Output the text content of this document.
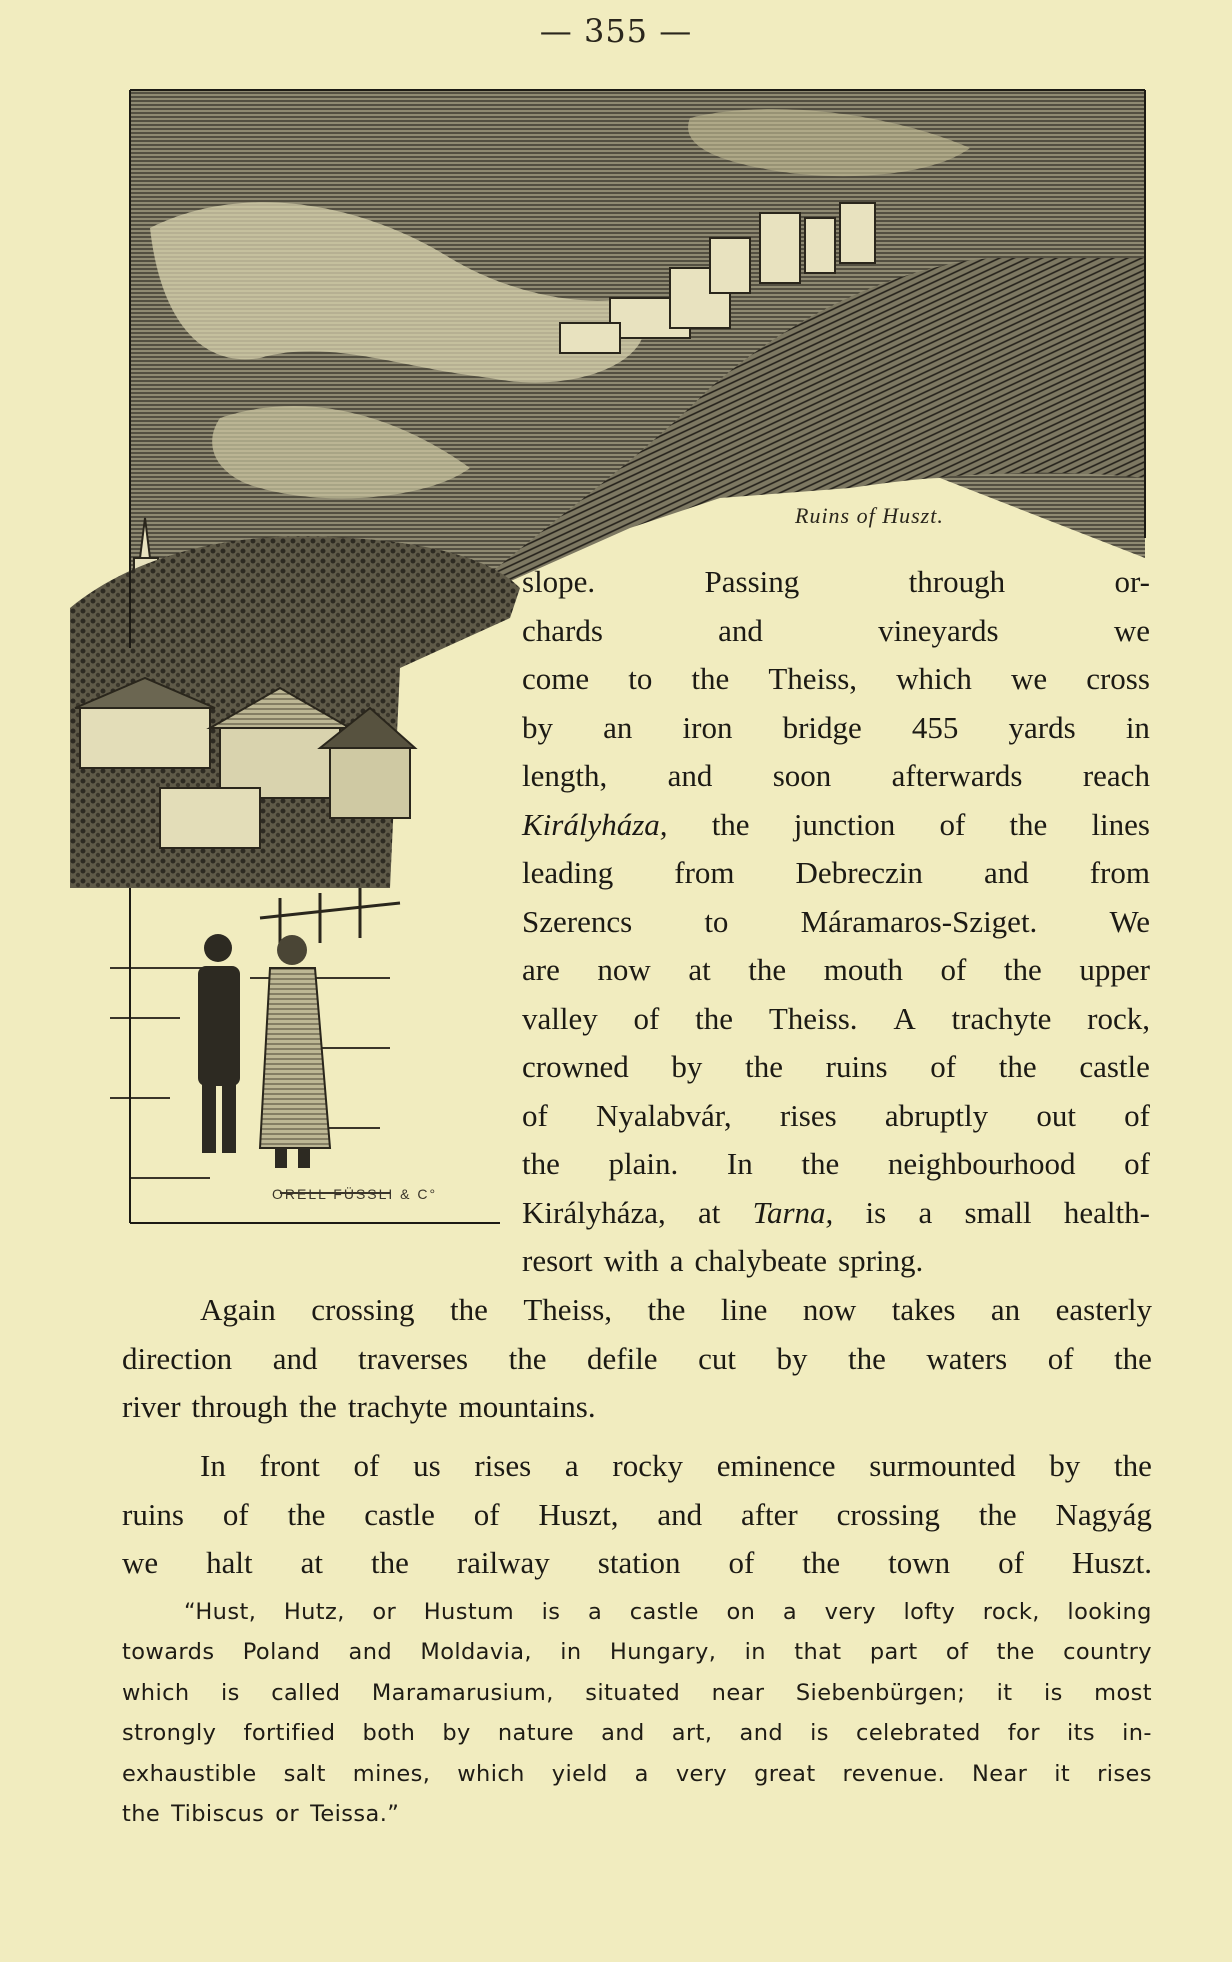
— 355 —
Ruins of Huszt.
ORELL FÜSSLI & C°
slope.	Passing	through	or-
chards	and	vineyards	we
come to the Theiss, which we cross
by an iron bridge 455 yards in
length, and soon afterwards reach
Királyháza, the junction of the lines
leading from Debreczin and from
Szerencs to Máramaros-Sziget. We
are now at the mouth of the upper
valley of the Theiss. A trachyte rock,
crowned by the ruins of the castle
of Nyalabvár, rises abruptly out of
the plain. In the neighbourhood of
Királyháza, at Tarna, is a small health-
resort with a chalybeate spring.
Again crossing the Theiss, the line now takes an easterly
direction and traverses the defile cut by the waters of the
river through the trachyte mountains.
In front of us rises a rocky eminence surmounted by the
ruins of the castle of Huszt, and after crossing the Nagyág
we halt at the railway station of the town of Huszt.
“Hust, Hutz, or Hustum is a castle on a very lofty rock, looking
towards Poland and Moldavia, in Hungary, in that part of the country
which is called Maramarusium, situated near Siebenbürgen; it is most
strongly fortified both by nature and art, and is celebrated for its in-
exhaustible salt mines, which yield a very great revenue. Near it rises
the Tibiscus or Teissa.”
